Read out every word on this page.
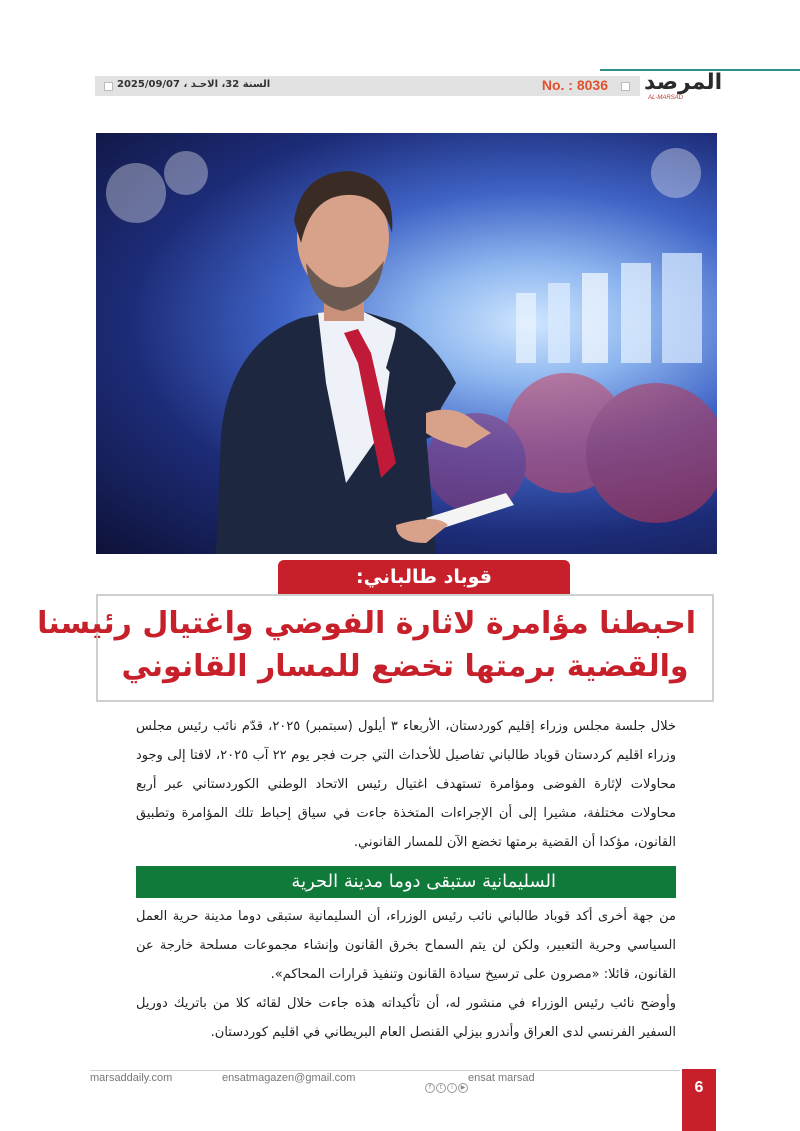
السنة 32، الاحـد ، 2025/09/07	No. : 8036 المرصد
AL-MARSAD
قوباد طالباني:
احبطنا مؤامرة لاثارة الفوضي واغتيال رئيسنا
والقضية برمتها تخضع للمسار القانوني
خلال جلسة مجلس وزراء إقليم كوردستان، الأربعاء ٣ أيلول (سبتمبر) ٢٠٢٥، قدّم نائب رئيس مجلس وزراء اقليم كردستان قوباد طالباني تفاصيل للأحداث التي جرت فجر يوم ٢٢ آب ٢٠٢٥، لافتا إلى وجود محاولات لإثارة الفوضى ومؤامرة تستهدف اغتيال رئيس الاتحاد الوطني الكوردستاني عبر أربع محاولات مختلفة، مشيرا إلى أن الإجراءات المتخذة جاءت في سياق إحباط تلك المؤامرة وتطبيق القانون، مؤكدا أن القضية برمتها تخضع الآن للمسار القانوني.
السليمانية ستبقى دوما مدينة الحرية
من جهة أخرى أكد قوباد طالباني نائب رئيس الوزراء، أن السليمانية ستبقى دوما مدينة حرية العمل السياسي وحرية التعبير، ولكن لن يتم السماح بخرق القانون وإنشاء مجموعات مسلحة خارجة عن القانون، قائلا: «مصرون على ترسيخ سيادة القانون وتنفيذ قرارات المحاكم».
وأوضح نائب رئيس الوزراء في منشور له، أن تأكيداته هذه جاءت خلال لقائه كلا من باتريك دوريل السفير الفرنسي لدى العراق وأندرو بيزلي القنصل العام البريطاني في اقليم كوردستان.
marsaddaily.com	ensatmagazen@gmail.com
f t i ▶
ensat marsad
6
